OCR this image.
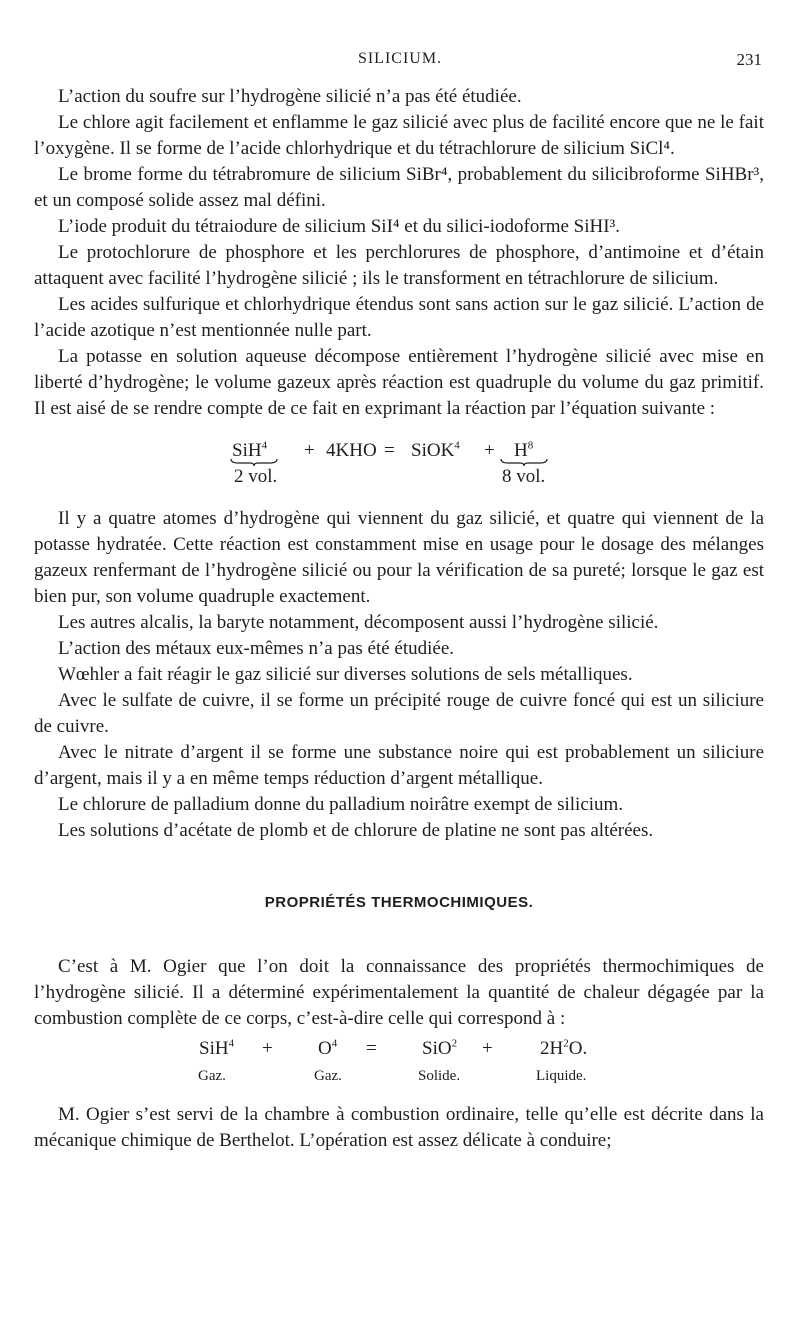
SILICIUM.	231

L’action du soufre sur l’hydrogène silicié n’a pas été étudiée.

Le chlore agit facilement et enflamme le gaz silicié avec plus de facilité encore que ne le fait l’oxygène. Il se forme de l’acide chlorhydrique et du tétrachlorure de silicium SiCl⁴.

Le brome forme du tétrabromure de silicium SiBr⁴, probablement du silicibroforme SiHBr³, et un composé solide assez mal défini.

L’iode produit du tétraiodure de silicium SiI⁴ et du silici-iodoforme SiHI³.

Le protochlorure de phosphore et les perchlorures de phosphore, d’antimoine et d’étain attaquent avec facilité l’hydrogène silicié ; ils le transforment en tétrachlorure de silicium.

Les acides sulfurique et chlorhydrique étendus sont sans action sur le gaz silicié. L’action de l’acide azotique n’est mentionnée nulle part.

La potasse en solution aqueuse décompose entièrement l’hydrogène silicié avec mise en liberté d’hydrogène; le volume gazeux après réaction est quadruple du volume du gaz primitif. Il est aisé de se rendre compte de ce fait en exprimant la réaction par l’équation suivante :

SiH$^4$
2 vol.
+ 4KHO = SiOK$^4$ + $H^8$
8 vol.

Il y a quatre atomes d’hydrogène qui viennent du gaz silicié, et quatre qui viennent de la potasse hydratée. Cette réaction est constamment mise en usage pour le dosage des mélanges gazeux renfermant de l’hydrogène silicié ou pour la vérification de sa pureté; lorsque le gaz est bien pur, son volume quadruple exactement.

Les autres alcalis, la baryte notamment, décomposent aussi l’hydrogène silicié.

L’action des métaux eux-mêmes n’a pas été étudiée.

Wœhler a fait réagir le gaz silicié sur diverses solutions de sels métalliques.

Avec le sulfate de cuivre, il se forme un précipité rouge de cuivre foncé qui est un siliciure de cuivre.

Avec le nitrate d’argent il se forme une substance noire qui est probablement un siliciure d’argent, mais il y a en même temps réduction d’argent métallique.

Le chlorure de palladium donne du palladium noirâtre exempt de silicium.

Les solutions d’acétate de plomb et de chlorure de platine ne sont pas altérées.

PROPRIÉTÉS THERMOCHIMIQUES.

C’est à M. Ogier que l’on doit la connaissance des propriétés thermochimiques de l’hydrogène silicié. Il a déterminé expérimentalement la quantité de chaleur dégagée par la combustion complète de ce corps, c’est-à-dire celle qui correspond à :

SiH$^4$
Gaz.
+ $O^4$
Gaz.
= SiO$^2$
Solide.
+ $2H^2O$.
Liquide.

M. Ogier s’est servi de la chambre à combustion ordinaire, telle qu’elle est décrite dans la mécanique chimique de Berthelot. L’opération est assez délicate à conduire;
